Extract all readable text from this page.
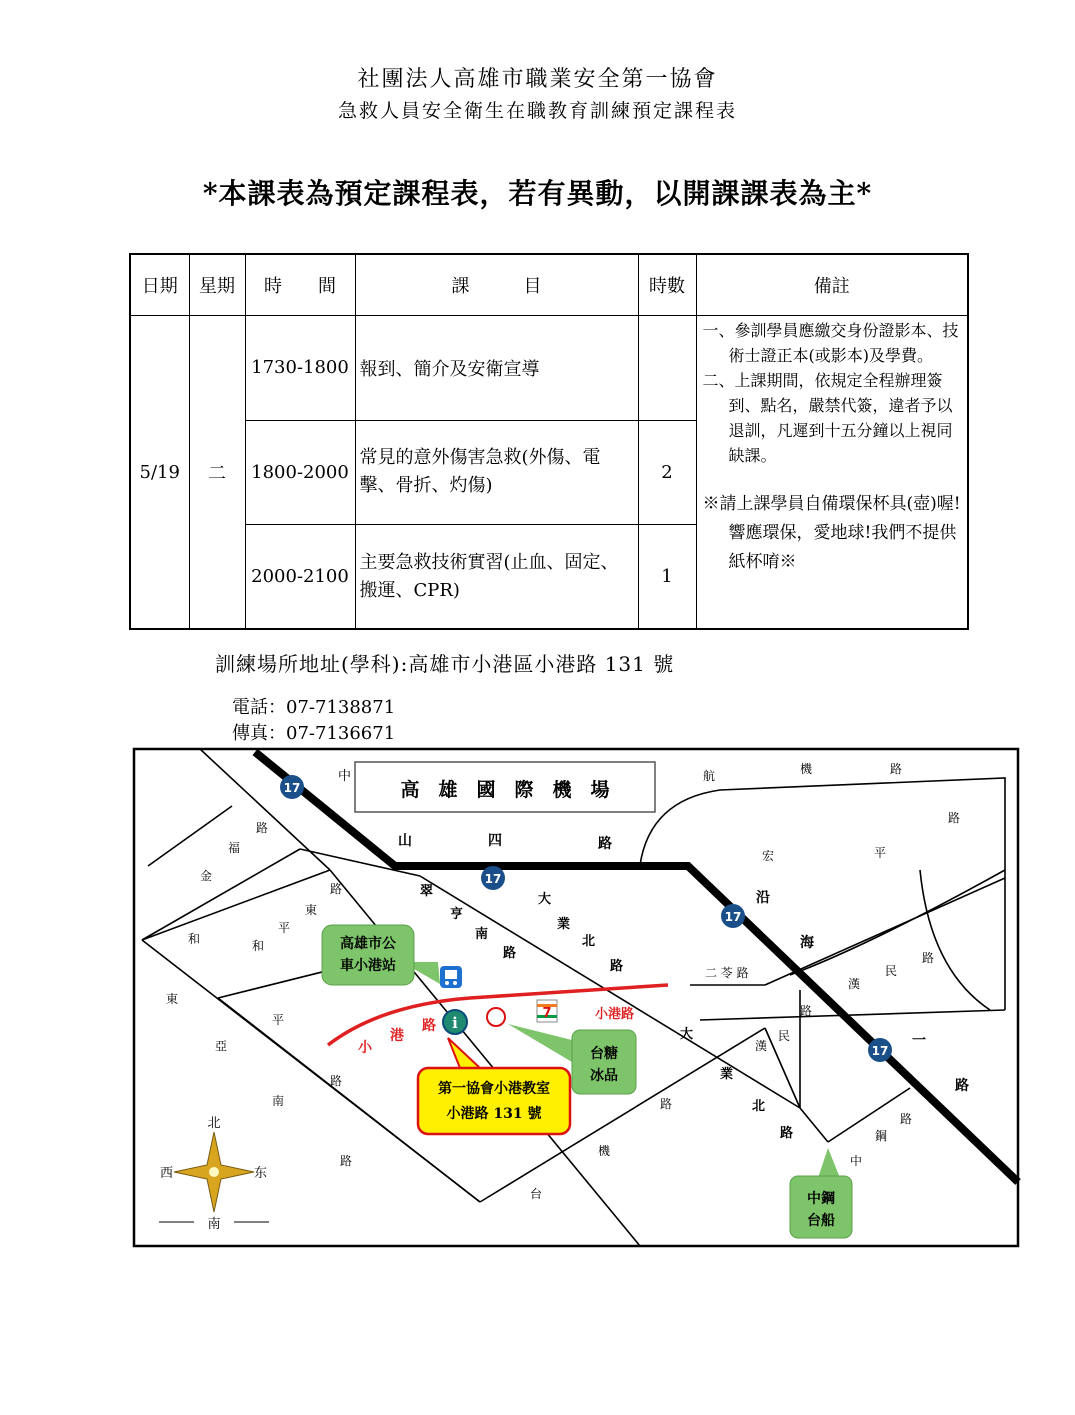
社團法人高雄市職業安全第一協會
急救人員安全衛生在職教育訓練預定課程表
*本課表為預定課程表，若有異動，以開課課表為主*
日期	星期	時　　間	課　　　目	時數	備註
5/19	二	1730-1800	報到、簡介及安衛宣導		一、參訓學員應繳交身份證影本、技術士證正本(或影本)及學費。

二、上課期間，依規定全程辦理簽到、點名，嚴禁代簽，違者予以退訓，凡遲到十五分鐘以上視同缺課。

※請上課學員自備環保杯具(壺)喔!響應環保，愛地球!我們不提供紙杯唷※

		1800-2000	常見的意外傷害急救(外傷、電擊、骨折、灼傷)	2	
		2000-2100	主要急救技術實習(止血、固定、搬運、CPR)	1	
訓練場所地址(學科):高雄市小港區小港路 131 號
電話：07-7138871
傳真：07-7136671
高　雄　國　際　機　場
17
17
17
17
中
山	四	路
航	機	路
宏	平
沿
海
一
路
小
港
路
小港路
二 苓 路
漢
民
路
漢
民
路
大
業
北
路
翠
亨
南
路
大
業
北
路
金
福
路
東
平
路
和	和
東
亞
平
南
路
路
機
台
路
中
鋼
路
路
高雄市公
車小港站
i
第一協會小港教室
小港路 131 號
7
台糖
冰品
中鋼
台船
北
南
东
西
